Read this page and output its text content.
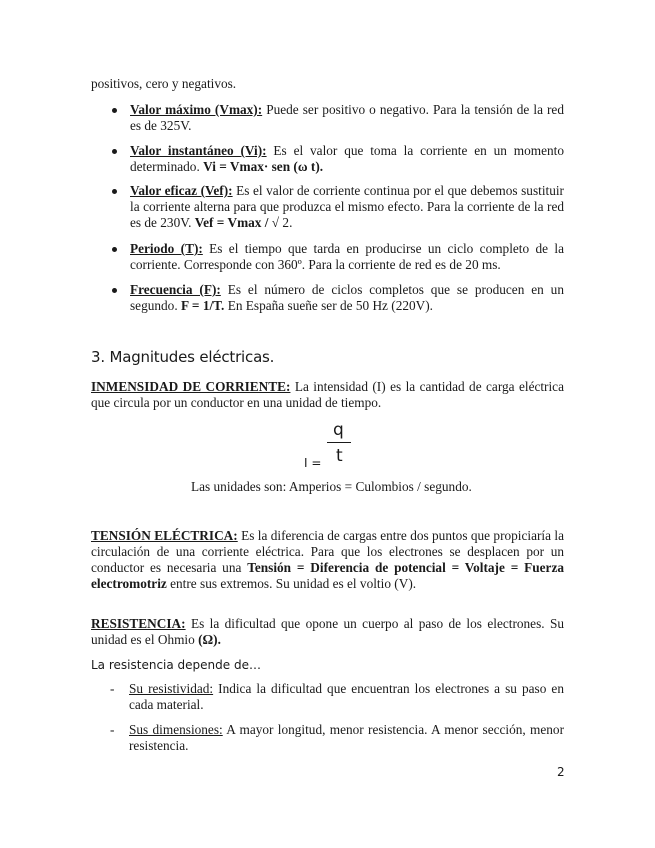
positivos, cero y negativos.

Valor máximo (Vmax): Puede ser positivo o negativo. Para la tensión de la red es de 325V.
Valor instantáneo (Vi): Es el valor que toma la corriente en un momento determinado. Vi = Vmax· sen (ω t).
Valor eficaz (Vef): Es el valor de corriente continua por el que debemos sustituir la corriente alterna para que produzca el mismo efecto. Para la corriente de la red es de 230V. Vef = Vmax / √ 2.
Periodo (T): Es el tiempo que tarda en producirse un ciclo completo de la corriente. Corresponde con 360º. Para la corriente de red es de 20 ms.
Frecuencia (F): Es el número de ciclos completos que se producen en un segundo. F = 1/T. En España sueñe ser de 50 Hz (220V).
3. Magnitudes eléctricas.

INMENSIDAD DE CORRIENTE: La intensidad (I) es la cantidad de carga eléctrica que circula por un conductor en una unidad de tiempo.

q
I = t

Las unidades son: Amperios = Culombios / segundo.

TENSIÓN ELÉCTRICA: Es la diferencia de cargas entre dos puntos que propiciaría la circulación de una corriente eléctrica. Para que los electrones se desplacen por un conductor es necesaria una Tensión = Diferencia de potencial = Voltaje = Fuerza electromotriz entre sus extremos. Su unidad es el voltio (V).

RESISTENCIA: Es la dificultad que opone un cuerpo al paso de los electrones. Su unidad es el Ohmio (Ω).

La resistencia depende de…

- Su resistividad: Indica la dificultad que encuentran los electrones a su paso en cada material.
- Sus dimensiones: A mayor longitud, menor resistencia. A menor sección, menor resistencia.
2
